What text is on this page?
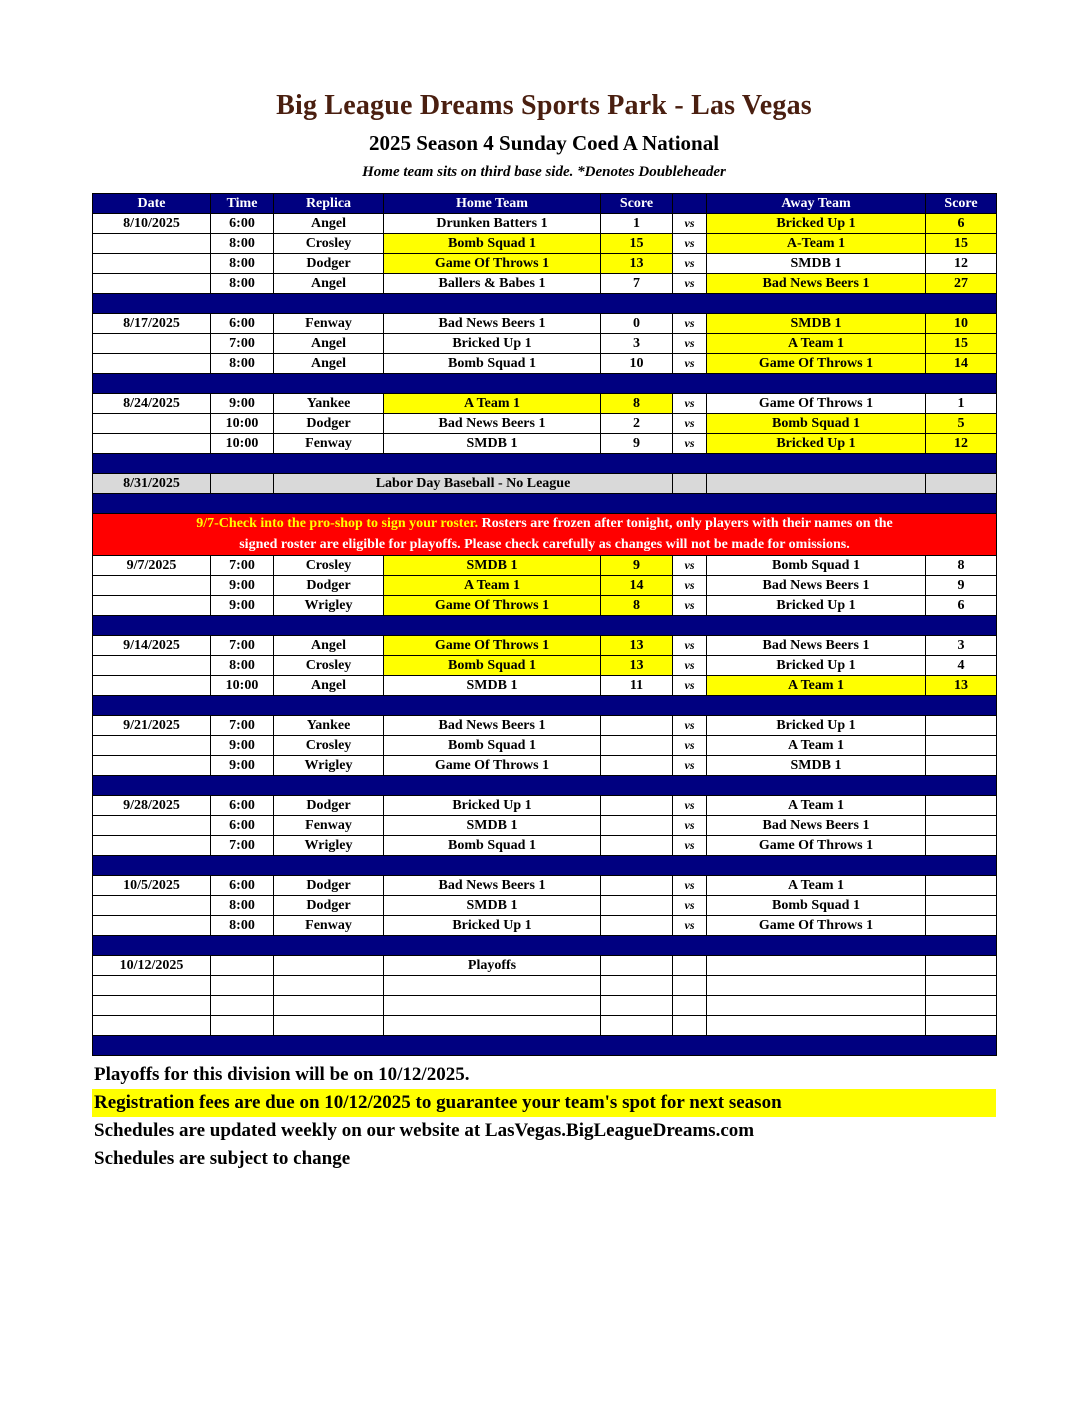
Big League Dreams Sports Park - Las Vegas
2025 Season 4 Sunday Coed A National
Home team sits on third base side. *Denotes Doubleheader
Date	Time	Replica	Home Team	Score		Away Team	Score
8/10/2025	6:00	Angel	Drunken Batters 1	1	vs	Bricked Up 1	6
	8:00	Crosley	Bomb Squad 1	15	vs	A-Team 1	15
	8:00	Dodger	Game Of Throws 1	13	vs	SMDB 1	12
	8:00	Angel	Ballers & Babes 1	7	vs	Bad News Beers 1	27

8/17/2025	6:00	Fenway	Bad News Beers 1	0	vs	SMDB 1	10
	7:00	Angel	Bricked Up 1	3	vs	A Team 1	15
	8:00	Angel	Bomb Squad 1	10	vs	Game Of Throws 1	14

8/24/2025	9:00	Yankee	A Team 1	8	vs	Game Of Throws 1	1
	10:00	Dodger	Bad News Beers 1	2	vs	Bomb Squad 1	5
	10:00	Fenway	SMDB 1	9	vs	Bricked Up 1	12

8/31/2025		Labor Day Baseball - No League					

9/7-Check into the pro-shop to sign your roster. Rosters are frozen after tonight, only players with their names on the
signed roster are eligible for playoffs. Please check carefully as changes will not be made for omissions.							

9/7/2025	7:00	Crosley	SMDB 1	9	vs	Bomb Squad 1	8
	9:00	Dodger	A Team 1	14	vs	Bad News Beers 1	9
	9:00	Wrigley	Game Of Throws 1	8	vs	Bricked Up 1	6

9/14/2025	7:00	Angel	Game Of Throws 1	13	vs	Bad News Beers 1	3
	8:00	Crosley	Bomb Squad 1	13	vs	Bricked Up 1	4
	10:00	Angel	SMDB 1	11	vs	A Team 1	13

9/21/2025	7:00	Yankee	Bad News Beers 1		vs	Bricked Up 1	
	9:00	Crosley	Bomb Squad 1		vs	A Team 1	
	9:00	Wrigley	Game Of Throws 1		vs	SMDB 1	

9/28/2025	6:00	Dodger	Bricked Up 1		vs	A Team 1	
	6:00	Fenway	SMDB 1		vs	Bad News Beers 1	
	7:00	Wrigley	Bomb Squad 1		vs	Game Of Throws 1	

10/5/2025	6:00	Dodger	Bad News Beers 1		vs	A Team 1	
	8:00	Dodger	SMDB 1		vs	Bomb Squad 1	
	8:00	Fenway	Bricked Up 1		vs	Game Of Throws 1	

10/12/2025			Playoffs				

Playoffs for this division will be on 10/12/2025.
Registration fees are due on 10/12/2025 to guarantee your team's spot for next season
Schedules are updated weekly on our website at LasVegas.BigLeagueDreams.com
Schedules are subject to change
